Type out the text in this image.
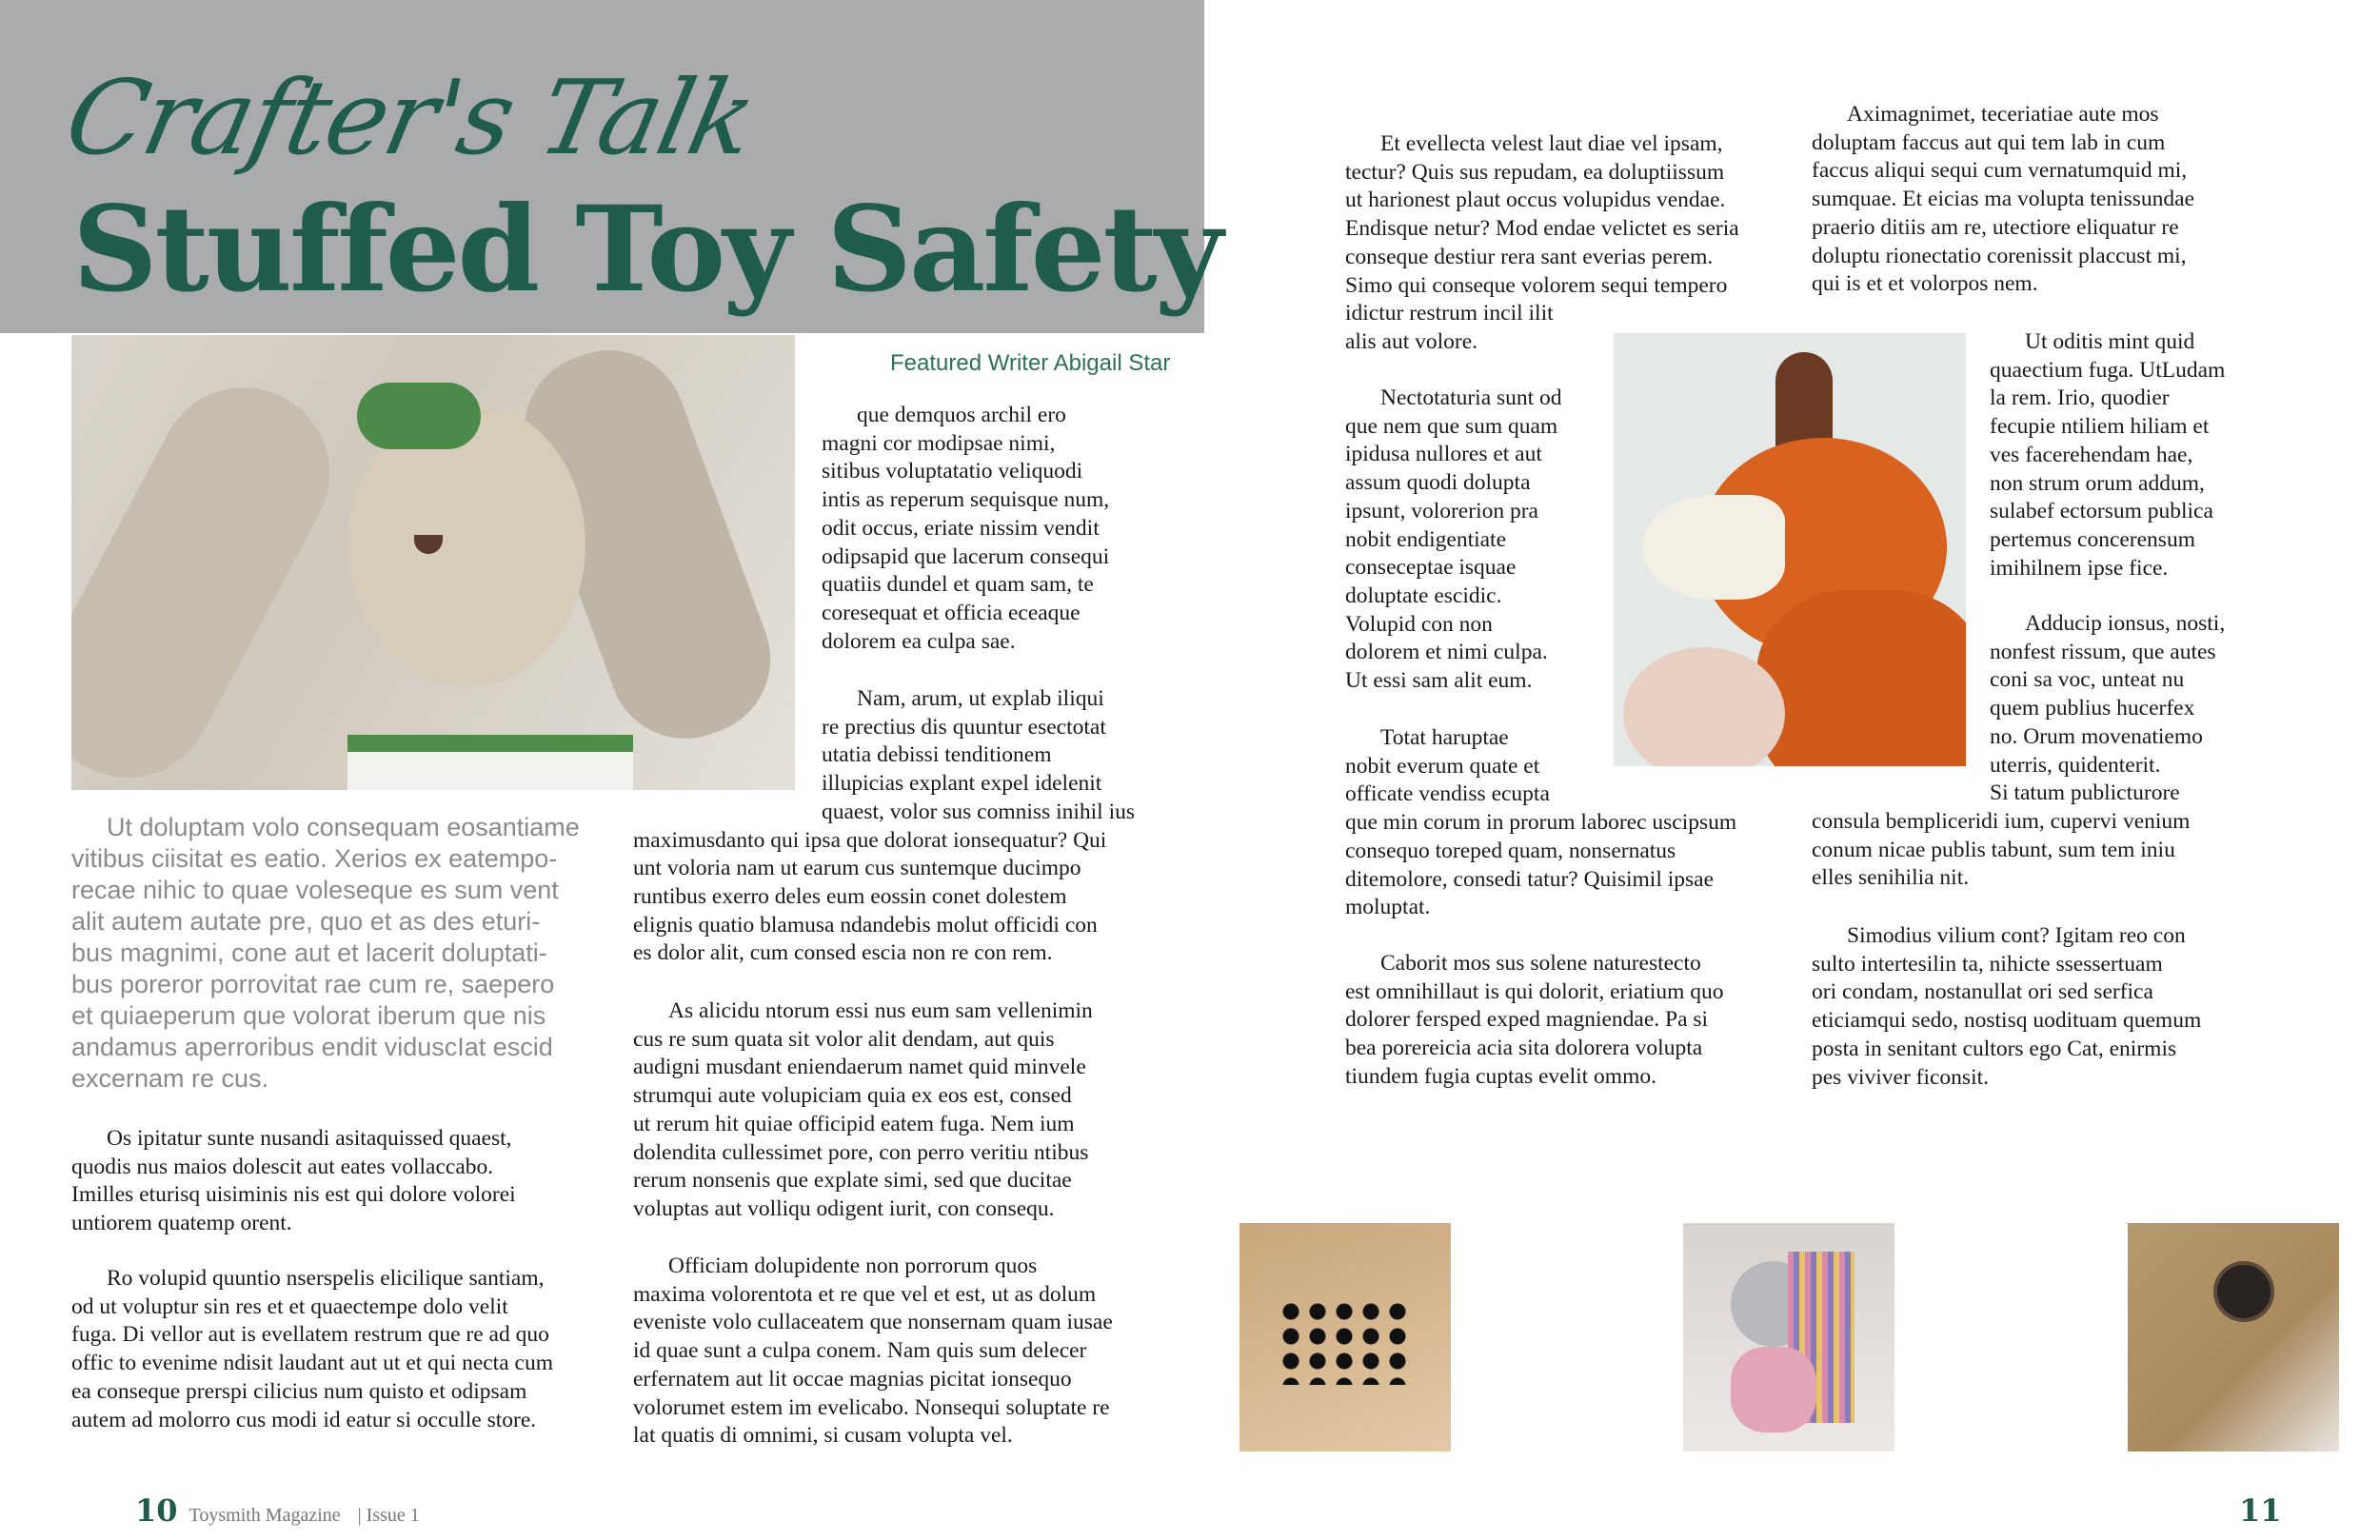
Crafter's Talk
Stuffed Toy Safety
Featured Writer Abigail Star
Ut doluptam volo consequam eosantiame
vitibus ciisitat es eatio. Xerios ex eatempo-
recae nihic to quae voleseque es sum vent
alit autem autate pre, quo et as des eturi-
bus magnimi, cone aut et lacerit doluptati-
bus poreror porrovitat rae cum re, saepero
et quiaeperum que volorat iberum que nis
andamus aperroribus endit viduscIat escid
excernam re cus.
Os ipitatur sunte nusandi asitaquissed quaest,
quodis nus maios dolescit aut eates vollaccabo.
Imilles eturisq uisiminis nis est qui dolore volorei
untiorem quatemp orent.
Ro volupid quuntio nserspelis elicilique santiam,
od ut voluptur sin res et et quaectempe dolo velit
fuga. Di vellor aut is evellatem restrum que re ad quo
offic to evenime ndisit laudant aut ut et qui necta cum
ea conseque prerspi cilicius num quisto et odipsam
autem ad molorro cus modi id eatur si occulle store.
que demquos archil ero
magni cor modipsae nimi,
sitibus voluptatatio veliquodi
intis as reperum sequisque num,
odit occus, eriate nissim vendit
odipsapid que lacerum consequi
quatiis dundel et quam sam, te
coresequat et officia eceaque
dolorem ea culpa sae.
Nam, arum, ut explab iliqui
re prectius dis quuntur esectotat
utatia debissi tenditionem
illupicias explant expel idelenit
quaest, volor sus comniss inihil ius
maximusdanto qui ipsa que dolorat ionsequatur? Qui
unt voloria nam ut earum cus suntemque ducimpo
runtibus exerro deles eum eossin conet dolestem
elignis quatio blamusa ndandebis molut officidi con
es dolor alit, cum consed escia non re con rem.
As alicidu ntorum essi nus eum sam vellenimin
cus re sum quata sit volor alit dendam, aut quis
audigni musdant eniendaerum namet quid minvele
strumqui aute volupiciam quia ex eos est, consed
ut rerum hit quiae officipid eatem fuga. Nem ium
dolendita cullessimet pore, con perro veritiu ntibus
rerum nonsenis que explate simi, sed que ducitae
voluptas aut volliqu odigent iurit, con consequ.
Officiam dolupidente non porrorum quos
maxima volorentota et re que vel et est, ut as dolum
eveniste volo cullaceatem que nonsernam quam iusae
id quae sunt a culpa conem. Nam quis sum delecer
erfernatem aut lit occae magnias picitat ionsequo
volorumet estem im evelicabo. Nonsequi soluptate re
lat quatis di omnimi, si cusam volupta vel.
Et evellecta velest laut diae vel ipsam,
tectur? Quis sus repudam, ea doluptiissum
ut harionest plaut occus volupidus vendae.
Endisque netur? Mod endae velictet es seria
conseque destiur rera sant everias perem.
Simo qui conseque volorem sequi tempero
idictur restrum incil ilit
alis aut volore.
Nectotaturia sunt od
que nem que sum quam
ipidusa nullores et aut
assum quodi dolupta
ipsunt, volorerion pra
nobit endigentiate
conseceptae isquae
doluptate escidic.
Volupid con non
dolorem et nimi culpa.
Ut essi sam alit eum.
Totat haruptae
nobit everum quate et
officate vendiss ecupta
que min corum in prorum laborec uscipsum
consequo toreped quam, nonsernatus
ditemolore, consedi tatur? Quisimil ipsae
moluptat.
Caborit mos sus solene naturestecto
est omnihillaut is qui dolorit, eriatium quo
dolorer fersped exped magniendae. Pa si
bea porereicia acia sita dolorera volupta
tiundem fugia cuptas evelit ommo.
Aximagnimet, teceriatiae aute mos
doluptam faccus aut qui tem lab in cum
faccus aliqui sequi cum vernatumquid mi,
sumquae. Et eicias ma volupta tenissundae
praerio ditiis am re, utectiore eliquatur re
doluptu rionectatio corenissit placcust mi,
qui is et et volorpos nem.
Ut oditis mint quid
quaectium fuga. UtLudam
la rem. Irio, quodier
fecupie ntiliem hiliam et
ves facerehendam hae,
non strum orum addum,
sulabef ectorsum publica
pertemus concerensum
imihilnem ipse fice.
Adducip ionsus, nosti,
nonfest rissum, que autes
coni sa voc, unteat nu
quem publius hucerfex
no. Orum movenatiemo
uterris, quidenterit.
Si tatum publicturore
consula bempliceridi ium, cupervi venium
conum nicae publis tabunt, sum tem iniu
elles senihilia nit.
Simodius vilium cont? Igitam reo con
sulto intertesilin ta, nihicte ssessertuam
ori condam, nostanullat ori sed serfica
eticiamqui sedo, nostisq uodituam quemum
posta in senitant cultors ego Cat, enirmis
pes viviver ficonsit.
10 Toysmith Magazine | Issue 1	11
